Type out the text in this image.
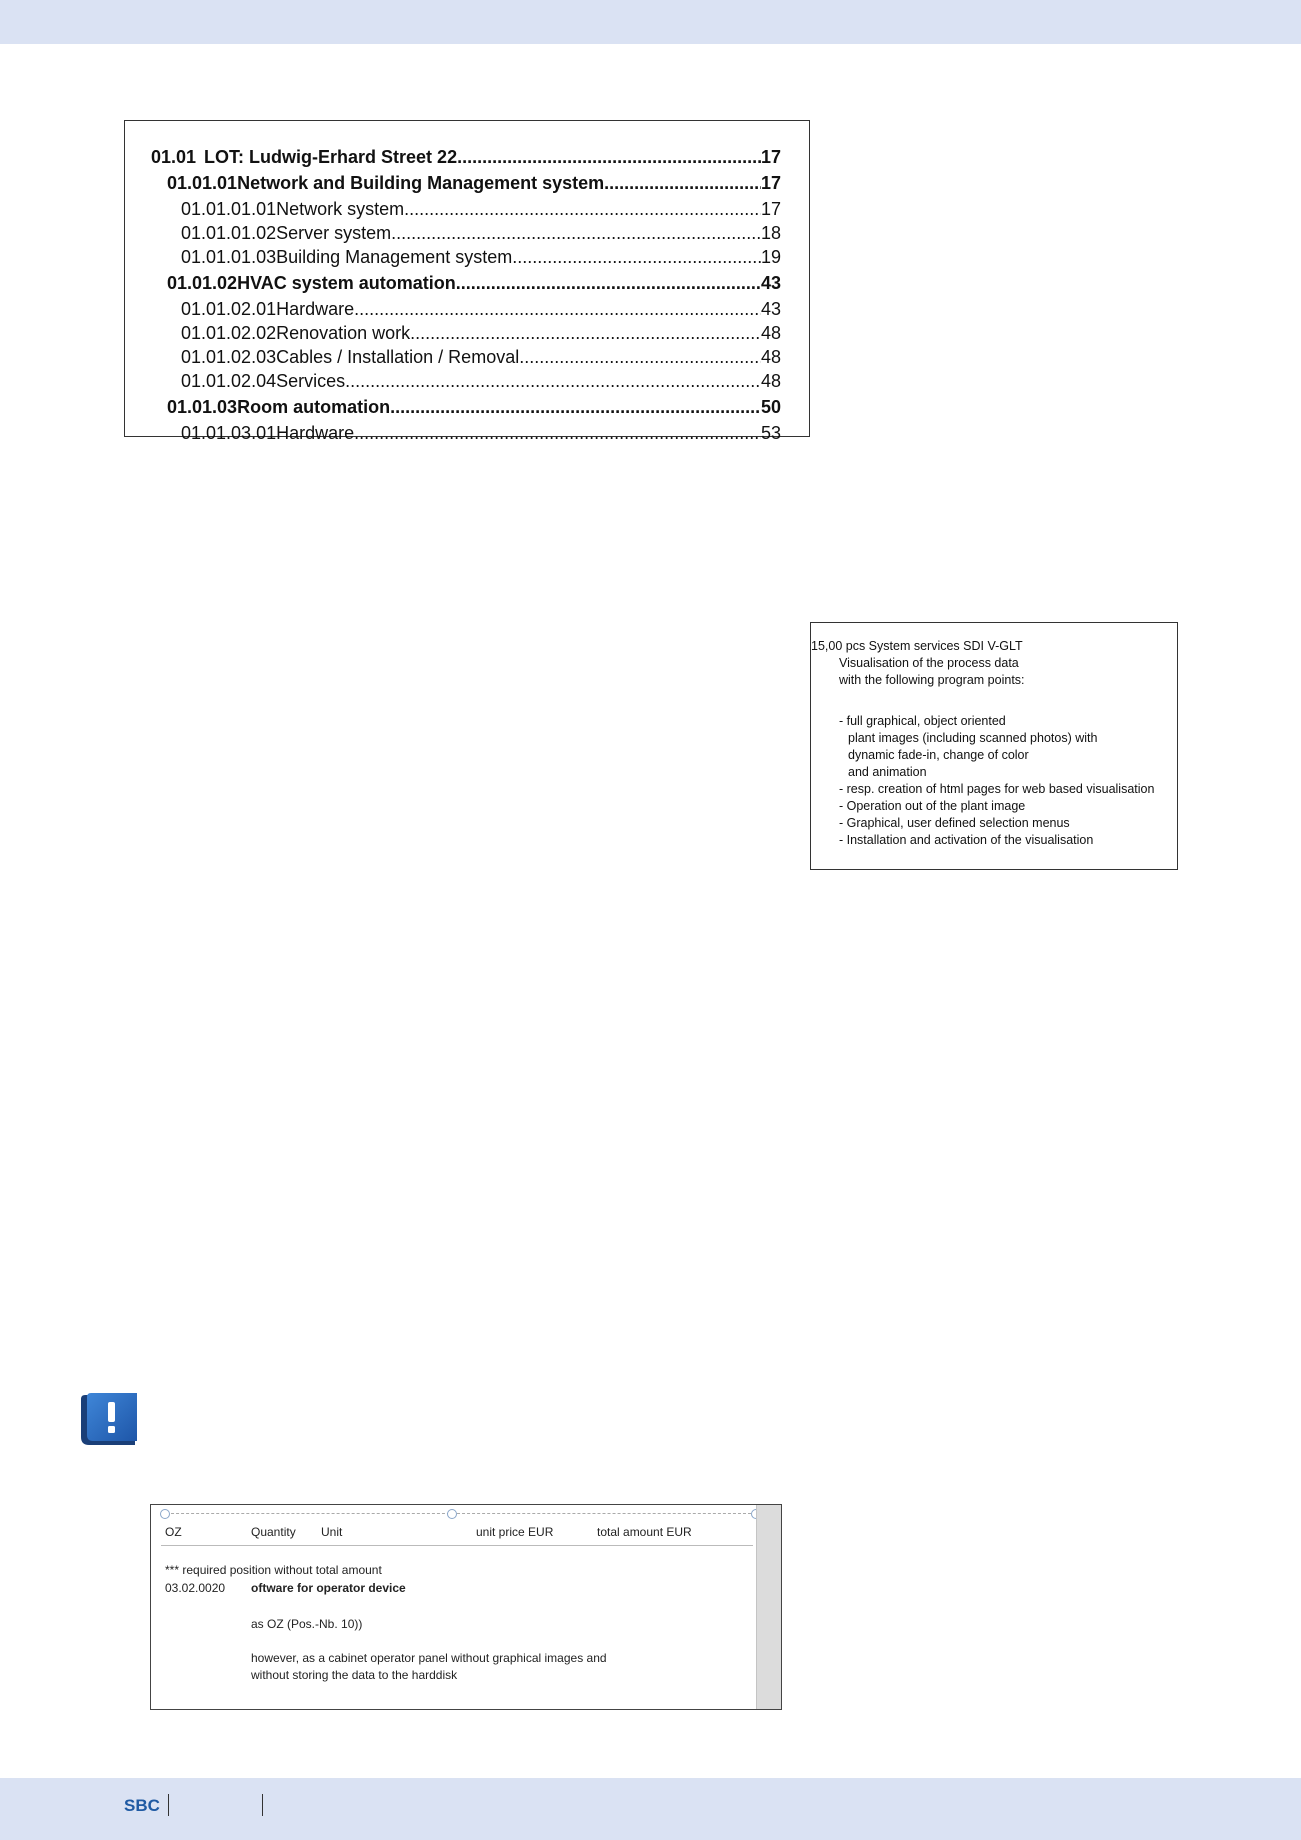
01.01 LOT: Ludwig-Erhard Street 22 .....	17
01.01.01 Network and Building Management system .....	17
01.01.01.01 Network system .....	17
01.01.01.02 Server system .....	18
01.01.01.03 Building Management system .....	19
01.01.02 HVAC system automation .....	43
01.01.02.01 Hardware .....	43
01.01.02.02 Renovation work .....	48
01.01.02.03 Cables / Installation / Removal .....	48
01.01.02.04 Services .....	48
01.01.03 Room automation .....	50
01.01.03.01 Hardware .....	53
15,00 pcs System services SDI V-GLT
Visualisation of the process data
with the following program points:
- full graphical, object oriented
plant images (including scanned photos) with
dynamic fade-in, change of color
and animation
- resp. creation of html pages for web based visualisation
- Operation out of the plant image
- Graphical, user defined selection menus
- Installation and activation of the visualisation
OZ	Quantity Unit	unit price EUR	total amount EUR
*** required position without total amount
03.02.0020 oftware for operator device
as OZ (Pos.-Nb. 10))
however, as a cabinet operator panel without graphical images and
without storing the data to the harddisk
SBC
